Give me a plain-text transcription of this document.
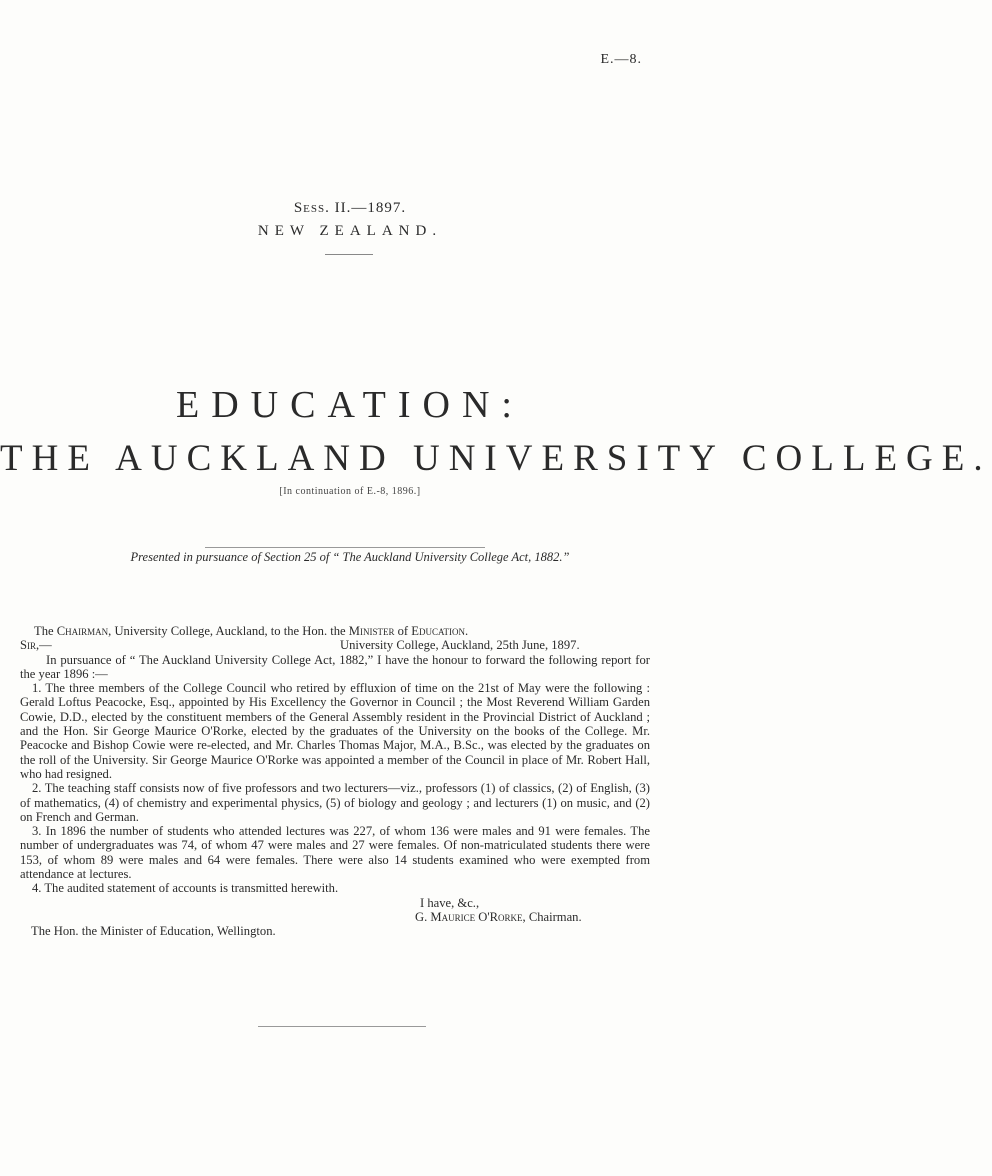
E.—8.
Sess. II.—1897.
NEW ZEALAND.
EDUCATION:
THE AUCKLAND UNIVERSITY COLLEGE.
[In continuation of E.-8, 1896.]
Presented in pursuance of Section 25 of “ The Auckland University College Act, 1882.”

The Chairman, University College, Auckland, to the Hon. the Minister of Education.

Sir,—	University College, Auckland, 25th June, 1897.

In pursuance of “ The Auckland University College Act, 1882,” I have the honour to forward the following report for the year 1896 :—

1. The three members of the College Council who retired by effluxion of time on the 21st of May were the following : Gerald Loftus Peacocke, Esq., appointed by His Excellency the Governor in Council ; the Most Reverend William Garden Cowie, D.D., elected by the constituent members of the General Assembly resident in the Provincial District of Auckland ; and the Hon. Sir George Maurice O'Rorke, elected by the graduates of the University on the books of the College. Mr. Peacocke and Bishop Cowie were re-elected, and Mr. Charles Thomas Major, M.A., B.Sc., was elected by the graduates on the roll of the University. Sir George Maurice O'Rorke was appointed a member of the Council in place of Mr. Robert Hall, who had resigned.

2. The teaching staff consists now of five professors and two lecturers—viz., professors (1) of classics, (2) of English, (3) of mathematics, (4) of chemistry and experimental physics, (5) of biology and geology ; and lecturers (1) on music, and (2) on French and German.

3. In 1896 the number of students who attended lectures was 227, of whom 136 were males and 91 were females. The number of undergraduates was 74, of whom 47 were males and 27 were females. Of non-matriculated students there were 153, of whom 89 were males and 64 were females. There were also 14 students examined who were exempted from attendance at lectures.

4. The audited statement of accounts is transmitted herewith.

I have, &c.,

G. Maurice O'Rorke, Chairman.

The Hon. the Minister of Education, Wellington.
